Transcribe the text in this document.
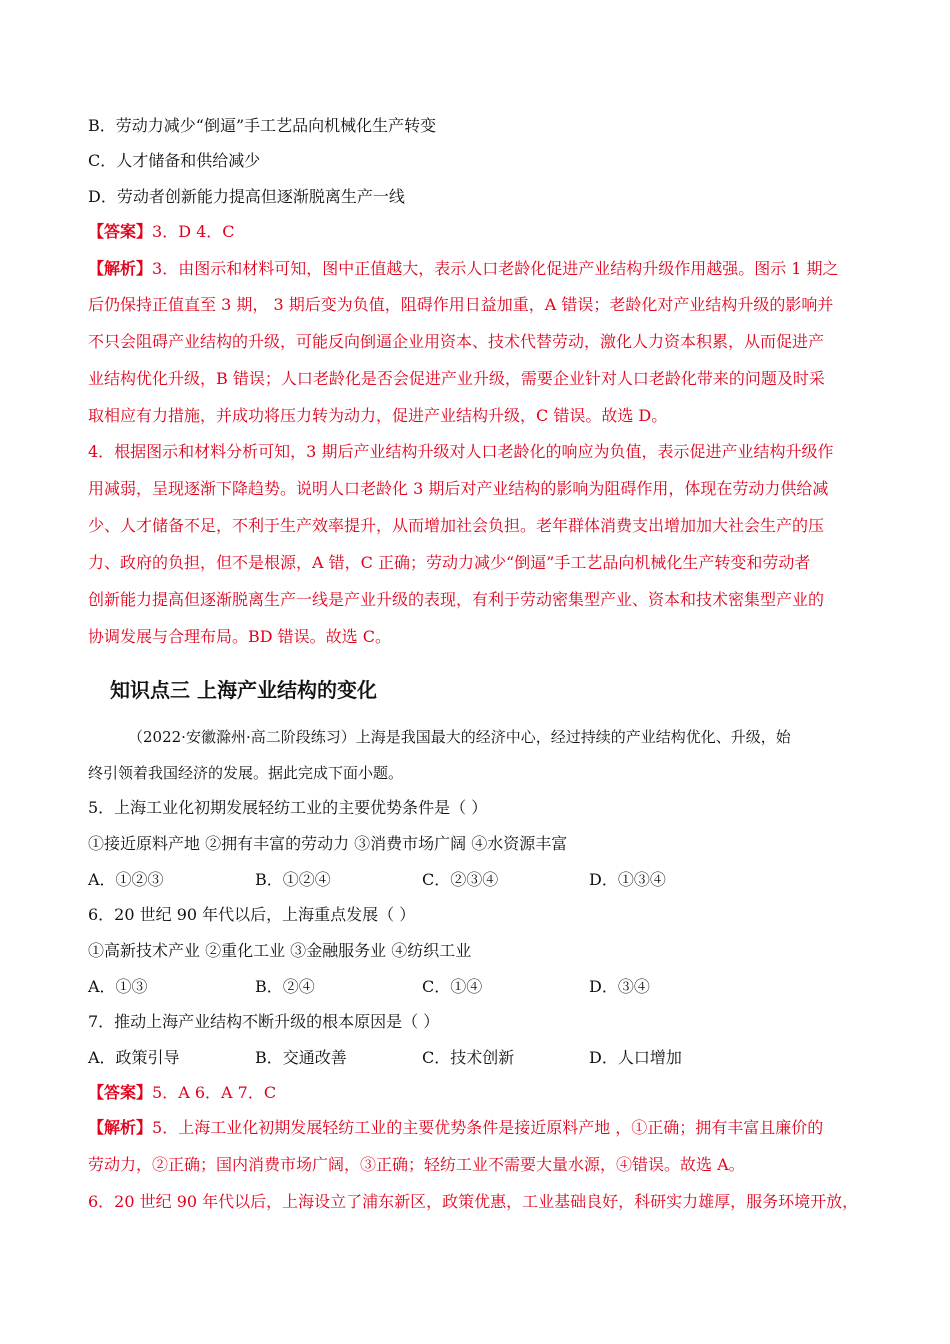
B．劳动力减少“倒逼”手工艺品向机械化生产转变
C．人才储备和供给减少
D．劳动者创新能力提高但逐渐脱离生产一线
【答案】3．D 4．C
【解析】3．由图示和材料可知，图中正值越大，表示人口老龄化促进产业结构升级作用越强。图示 1 期之
后仍保持正值直至 3 期， 3 期后变为负值，阻碍作用日益加重，A 错误；老龄化对产业结构升级的影响并
不只会阻碍产业结构的升级，可能反向倒逼企业用资本、技术代替劳动，激化人力资本积累，从而促进产
业结构优化升级，B 错误；人口老龄化是否会促进产业升级，需要企业针对人口老龄化带来的问题及时采
取相应有力措施，并成功将压力转为动力，促进产业结构升级，C 错误。故选 D。
4．根据图示和材料分析可知，3 期后产业结构升级对人口老龄化的响应为负值，表示促进产业结构升级作
用减弱，呈现逐渐下降趋势。说明人口老龄化 3 期后对产业结构的影响为阻碍作用，体现在劳动力供给减
少、人才储备不足，不利于生产效率提升，从而增加社会负担。老年群体消费支出增加加大社会生产的压
力、政府的负担，但不是根源，A 错，C 正确；劳动力减少“倒逼”手工艺品向机械化生产转变和劳动者
创新能力提高但逐渐脱离生产一线是产业升级的表现，有利于劳动密集型产业、资本和技术密集型产业的
协调发展与合理布局。BD 错误。故选 C。
知识点三 上海产业结构的变化
（2022·安徽滁州·高二阶段练习）上海是我国最大的经济中心，经过持续的产业结构优化、升级，始
终引领着我国经济的发展。据此完成下面小题。
5．上海工业化初期发展轻纺工业的主要优势条件是（ ）
①接近原料产地 ②拥有丰富的劳动力 ③消费市场广阔 ④水资源丰富
A．①②③	B．①②④	C．②③④	D．①③④
6．20 世纪 90 年代以后，上海重点发展（ ）
①高新技术产业 ②重化工业 ③金融服务业 ④纺织工业
A．①③	B．②④	C．①④	D．③④
7．推动上海产业结构不断升级的根本原因是（ ）
A．政策引导	B．交通改善	C．技术创新	D．人口增加
【答案】5．A 6．A 7．C
【解析】5．上海工业化初期发展轻纺工业的主要优势条件是接近原料产地 ，①正确；拥有丰富且廉价的
劳动力，②正确；国内消费市场广阔，③正确；轻纺工业不需要大量水源，④错误。故选 A。
6．20 世纪 90 年代以后，上海设立了浦东新区，政策优惠，工业基础良好，科研实力雄厚，服务环境开放，
